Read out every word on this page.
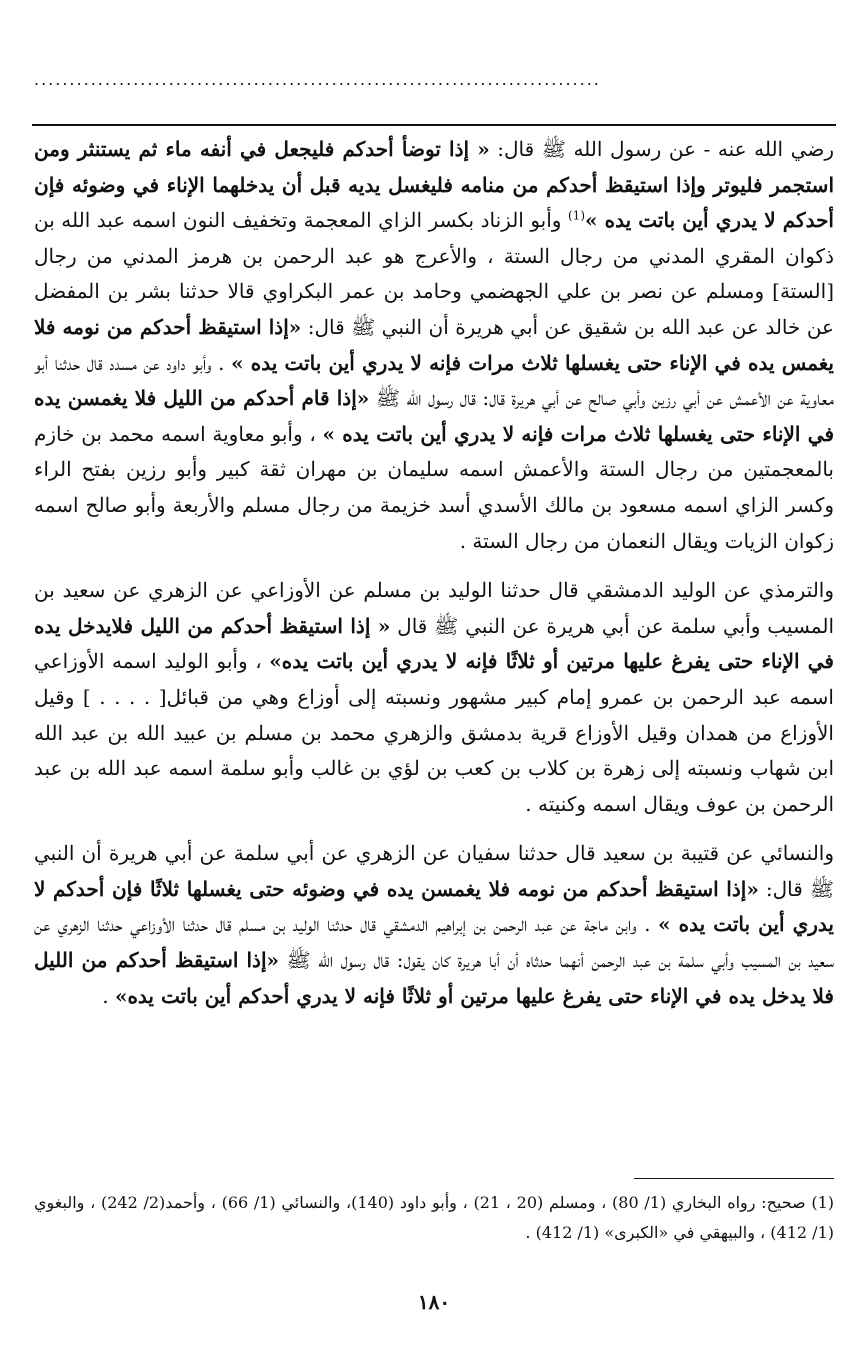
................................................................................

رضي الله عنه - عن رسول الله ﷺ قال: « إذا توضأ أحدكم فليجعل في أنفه ماء ثم يستنثر ومن استجمر فليوتر وإذا استيقظ أحدكم من منامه فليغسل يديه قبل أن يدخلهما الإناء في وضوئه فإن أحدكم لا يدري أين باتت يده »$^{(1)}$ وأبو الزناد بكسر الزاي المعجمة وتخفيف النون اسمه عبد الله بن ذكوان المقري المدني من رجال الستة ، والأعرج هو عبد الرحمن بن هرمز المدني من رجال [الستة] ومسلم عن نصر بن علي الجهضمي وحامد بن عمر البكراوي قالا حدثنا بشر بن المفضل عن خالد عن عبد الله بن شقيق عن أبي هريرة أن النبي ﷺ قال: «إذا استيقظ أحدكم من نومه فلا يغمس يده في الإناء حتى يغسلها ثلاث مرات فإنه لا يدري أين باتت يده » . وأبو داود عن مسدد قال حدثنا أبو معاوية عن الأعمش عن أبي رزين وأبي صالح عن أبي هريرة قال: قال رسول الله ﷺ «إذا قام أحدكم من الليل فلا يغمسن يده في الإناء حتى يغسلها ثلاث مرات فإنه لا يدري أين باتت يده » ، وأبو معاوية اسمه محمد بن خازم بالمعجمتين من رجال الستة والأعمش اسمه سليمان بن مهران ثقة كبير وأبو رزين بفتح الراء وكسر الزاي اسمه مسعود بن مالك الأسدي أسد خزيمة من رجال مسلم والأربعة وأبو صالح اسمه زكوان الزيات ويقال النعمان من رجال الستة .

والترمذي عن الوليد الدمشقي قال حدثنا الوليد بن مسلم عن الأوزاعي عن الزهري عن سعيد بن المسيب وأبي سلمة عن أبي هريرة عن النبي ﷺ قال « إذا استيقظ أحدكم من الليل فلايدخل يده في الإناء حتى يفرغ عليها مرتين أو ثلاثًا فإنه لا يدري أين باتت يده» ، وأبو الوليد اسمه الأوزاعي اسمه عبد الرحمن بن عمرو إمام كبير مشهور ونسبته إلى أوزاع وهي من قبائل[ . . . . ] وقيل الأوزاع من همدان وقيل الأوزاع قرية بدمشق والزهري محمد بن مسلم بن عبيد الله بن عبد الله ابن شهاب ونسبته إلى زهرة بن كلاب بن كعب بن لؤي بن غالب وأبو سلمة اسمه عبد الله بن عبد الرحمن بن عوف ويقال اسمه وكنيته .

والنسائي عن قتيبة بن سعيد قال حدثنا سفيان عن الزهري عن أبي سلمة عن أبي هريرة أن النبي ﷺ قال: «إذا استيقظ أحدكم من نومه فلا يغمسن يده في وضوئه حتى يغسلها ثلاثًا فإن أحدكم لا يدري أين باتت يده » . وابن ماجة عن عبد الرحمن بن إبراهيم الدمشقي قال حدثنا الوليد بن مسلم قال حدثنا الأوزاعي حدثنا الزهري عن سعيد بن المسيب وأبي سلمة بن عبد الرحمن أنهما حدثاه أن أبا هريرة كان يقول: قال رسول الله ﷺ «إذا استيقظ أحدكم من الليل فلا يدخل يده في الإناء حتى يفرغ عليها مرتين أو ثلاثًا فإنه لا يدري أحدكم أين باتت يده» .

(1) صحيح: رواه البخاري (1/ 80) ، ومسلم (20 ، 21) ، وأبو داود (140)، والنسائي (1/ 66) ، وأحمد(2/ 242) ، والبغوي (1/ 412) ، والبيهقي في «الكبرى» (1/ 412) .
١٨٠
